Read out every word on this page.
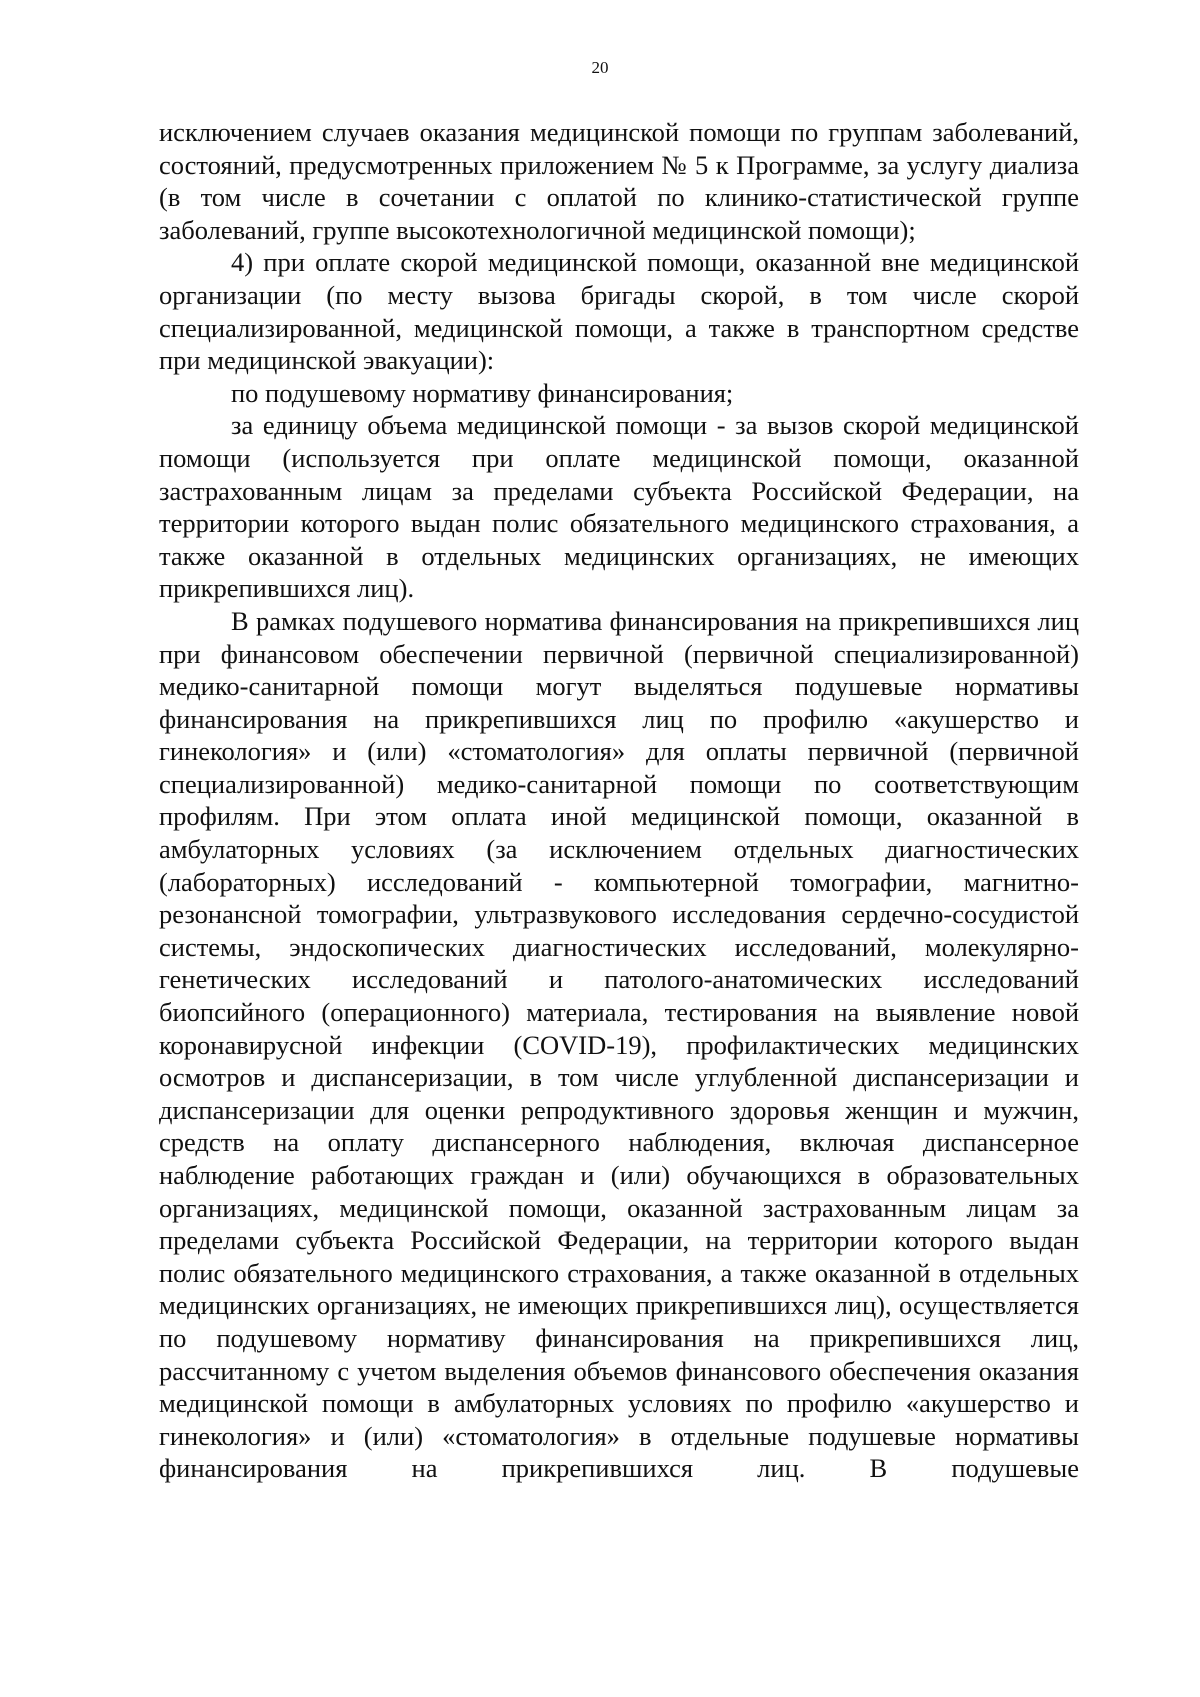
20

исключением случаев оказания медицинской помощи по группам заболеваний, состояний, предусмотренных приложением № 5 к Программе, за услугу диализа (в том числе в сочетании с оплатой по клинико-статистической группе заболеваний, группе высокотехнологичной медицинской помощи);

4) при оплате скорой медицинской помощи, оказанной вне медицинской организации (по месту вызова бригады скорой, в том числе скорой специализированной, медицинской помощи, а также в транспортном средстве при медицинской эвакуации):

по подушевому нормативу финансирования;

за единицу объема медицинской помощи - за вызов скорой медицинской помощи (используется при оплате медицинской помощи, оказанной застрахованным лицам за пределами субъекта Российской Федерации, на территории которого выдан полис обязательного медицинского страхования, а также оказанной в отдельных медицинских организациях, не имеющих прикрепившихся лиц).

В рамках подушевого норматива финансирования на прикрепившихся лиц при финансовом обеспечении первичной (первичной специализированной) медико-санитарной помощи могут выделяться подушевые нормативы финансирования на прикрепившихся лиц по профилю «акушерство и гинекология» и (или) «стоматология» для оплаты первичной (первичной специализированной) медико-санитарной помощи по соответствующим профилям. При этом оплата иной медицинской помощи, оказанной в амбулаторных условиях (за исключением отдельных диагностических (лабораторных) исследований - компьютерной томографии, магнитно-резонансной томографии, ультразвукового исследования сердечно-сосудистой системы, эндоскопических диагностических исследований, молекулярно-генетических исследований и патолого-анатомических исследований биопсийного (операционного) материала, тестирования на выявление новой коронавирусной инфекции (COVID-19), профилактических медицинских осмотров и диспансеризации, в том числе углубленной диспансеризации и диспансеризации для оценки репродуктивного здоровья женщин и мужчин, средств на оплату диспансерного наблюдения, включая диспансерное наблюдение работающих граждан и (или) обучающихся в образовательных организациях, медицинской помощи, оказанной застрахованным лицам за пределами субъекта Российской Федерации, на территории которого выдан полис обязательного медицинского страхования, а также оказанной в отдельных медицинских организациях, не имеющих прикрепившихся лиц), осуществляется по подушевому нормативу финансирования на прикрепившихся лиц, рассчитанному с учетом выделения объемов финансового обеспечения оказания медицинской помощи в амбулаторных условиях по профилю «акушерство и гинекология» и (или) «стоматология» в отдельные подушевые нормативы финансирования на прикрепившихся лиц. В подушевые
